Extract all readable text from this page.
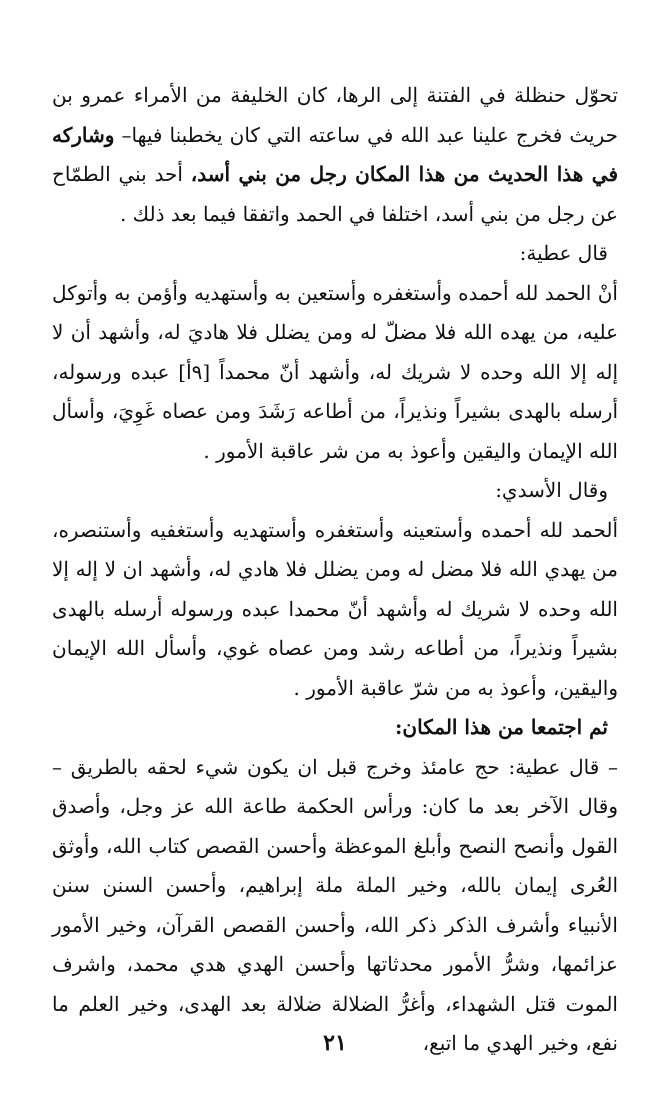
تحوّل حنظلة في الفتنة إلى الرها، كان الخليفة من الأمراء عمرو بن حريث فخرج علينا عبد الله في ساعته التي كان يخطبنا فيها– وشاركه في هذا الحديث من هذا المكان رجل من بني أسد، أحد بني الطمّاح عن رجل من بني أسد، اختلفا في الحمد واتفقا فيما بعد ذلك .

قال عطية:

أنْ الحمد لله أحمده وأستغفره وأستعين به وأستهديه وأؤمن به وأتوكل عليه، من يهده الله فلا مضلّ له ومن يضلل فلا هاديَ له، وأشهد أن لا إله إلا الله وحده لا شريك له، وأشهد أنّ محمداً [٩أ] عبده ورسوله، أرسله بالهدى بشيراً ونذيراً، من أطاعه رَشَدَ ومن عصاه غَوِيَ، وأسأل الله الإيمان واليقين وأعوذ به من شر عاقبة الأمور .

وقال الأسدي:

ألحمد لله أحمده وأستعينه وأستغفره وأستهديه وأستغفيه وأستنصره، من يهدي الله فلا مضل له ومن يضلل فلا هادي له، وأشهد ان لا إله إلا الله وحده لا شريك له وأشهد أنّ محمدا عبده ورسوله أرسله بالهدى بشيراً ونذيراً، من أطاعه رشد ومن عصاه غوي، وأسأل الله الإيمان واليقين، وأعوذ به من شرّ عاقبة الأمور .

ثم اجتمعا من هذا المكان:

– قال عطية: حج عامئذ وخرج قبل ان يكون شيء لحقه بالطريق – وقال الآخر بعد ما كان: ورأس الحكمة طاعة الله عز وجل، وأصدق القول وأنصح النصح وأبلغ الموعظة وأحسن القصص كتاب الله، وأوثق العُرى إيمان بالله، وخير الملة ملة إبراهيم، وأحسن السنن سنن الأنبياء وأشرف الذكر ذكر الله، وأحسن القصص القرآن، وخير الأمور عزائمها، وشرُّ الأمور محدثاتها وأحسن الهدي هدي محمد، واشرف الموت قتل الشهداء، وأغرُّ الضلالة ضلالة بعد الهدى، وخير العلم ما نفع، وخير الهدي ما اتبع،

٢١
